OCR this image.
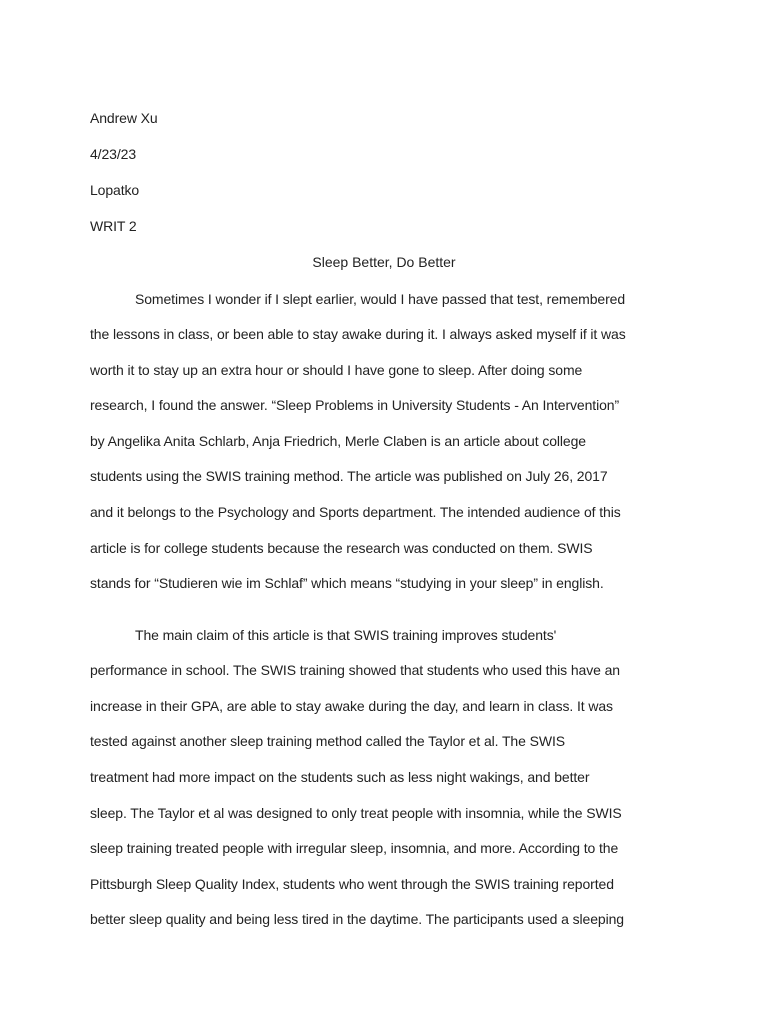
Andrew Xu
4/23/23
Lopatko
WRIT 2
Sleep Better, Do Better
Sometimes I wonder if I slept earlier, would I have passed that test, remembered
the lessons in class, or been able to stay awake during it. I always asked myself if it was
worth it to stay up an extra hour or should I have gone to sleep. After doing some
research, I found the answer. “Sleep Problems in University Students - An Intervention”
by Angelika Anita Schlarb, Anja Friedrich, Merle Claben is an article about college
students using the SWIS training method. The article was published on July 26, 2017
and it belongs to the Psychology and Sports department. The intended audience of this
article is for college students because the research was conducted on them. SWIS
stands for “Studieren wie im Schlaf” which means “studying in your sleep” in english.
The main claim of this article is that SWIS training improves students'
performance in school. The SWIS training showed that students who used this have an
increase in their GPA, are able to stay awake during the day, and learn in class. It was
tested against another sleep training method called the Taylor et al. The SWIS
treatment had more impact on the students such as less night wakings, and better
sleep. The Taylor et al was designed to only treat people with insomnia, while the SWIS
sleep training treated people with irregular sleep, insomnia, and more. According to the
Pittsburgh Sleep Quality Index, students who went through the SWIS training reported
better sleep quality and being less tired in the daytime. The participants used a sleeping
